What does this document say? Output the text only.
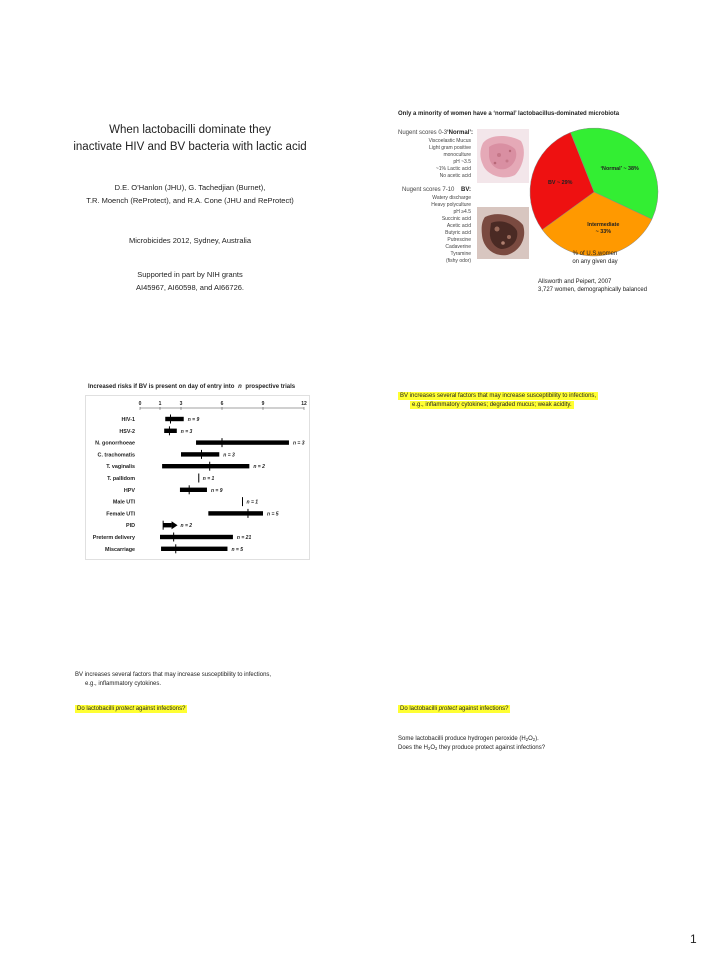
When lactobacilli dominate they
inactivate HIV and BV bacteria with lactic acid
D.E. O’Hanlon (JHU), G. Tachedjian (Burnet),
T.R. Moench (ReProtect), and R.A. Cone (JHU and ReProtect)
Microbicides 2012, Sydney, Australia
Supported in part by NIH grants
AI45967, AI60598, and AI66726.
Only a minority of women have a ‘normal’ lactobacillus-dominated microbiota
Nugent scores 0-3 ‘Normal’:
Viscoelastic Mucus
Light gram positive
monoculture
pH ~3.5
~1% Lactic acid
No acetic acid
Nugent scores 7-10 BV:
Watery discharge
Heavy polyculture
pH ≥4.5
Succinic acid
Acetic acid
Butyric acid
Putrescine
Cadaverine
Tyramine
(fishy odor)
‘Normal’ ~ 38%
Intermediate
~ 33%
BV ~ 29%
% of U.S.women
on any given day
Allsworth and Peipert, 2007
3,727 women, demographically balanced
Increased risks if BV is present on day of entry into n prospective trials
0	1	3	6	9	12
HIV-1	n = 9
HSV-2	n = 3
N. gonorrhoeae	n = 3
C. trachomatis	n = 3
T. vaginalis	n = 2
T. pallidom	n = 1
HPV	n = 9
Male UTI	n = 1
Female UTI	n = 5
PID	n = 2
Preterm delivery	n = 21
Miscarriage	n = 5
BV increases several factors that may increase susceptibility to infections,
e.g., inflammatory cytokines.
BV increases several factors that may increase susceptibility to infections,
e.g., inflammatory cytokines; degraded mucus; weak acidity.
Do lactobacilli protect against infections?	Do lactobacilli protect against infections?
Some lactobacilli produce hydrogen peroxide $(H_2O_2)$.
Does the $H_2O_2$ they produce protect against infections?
1
